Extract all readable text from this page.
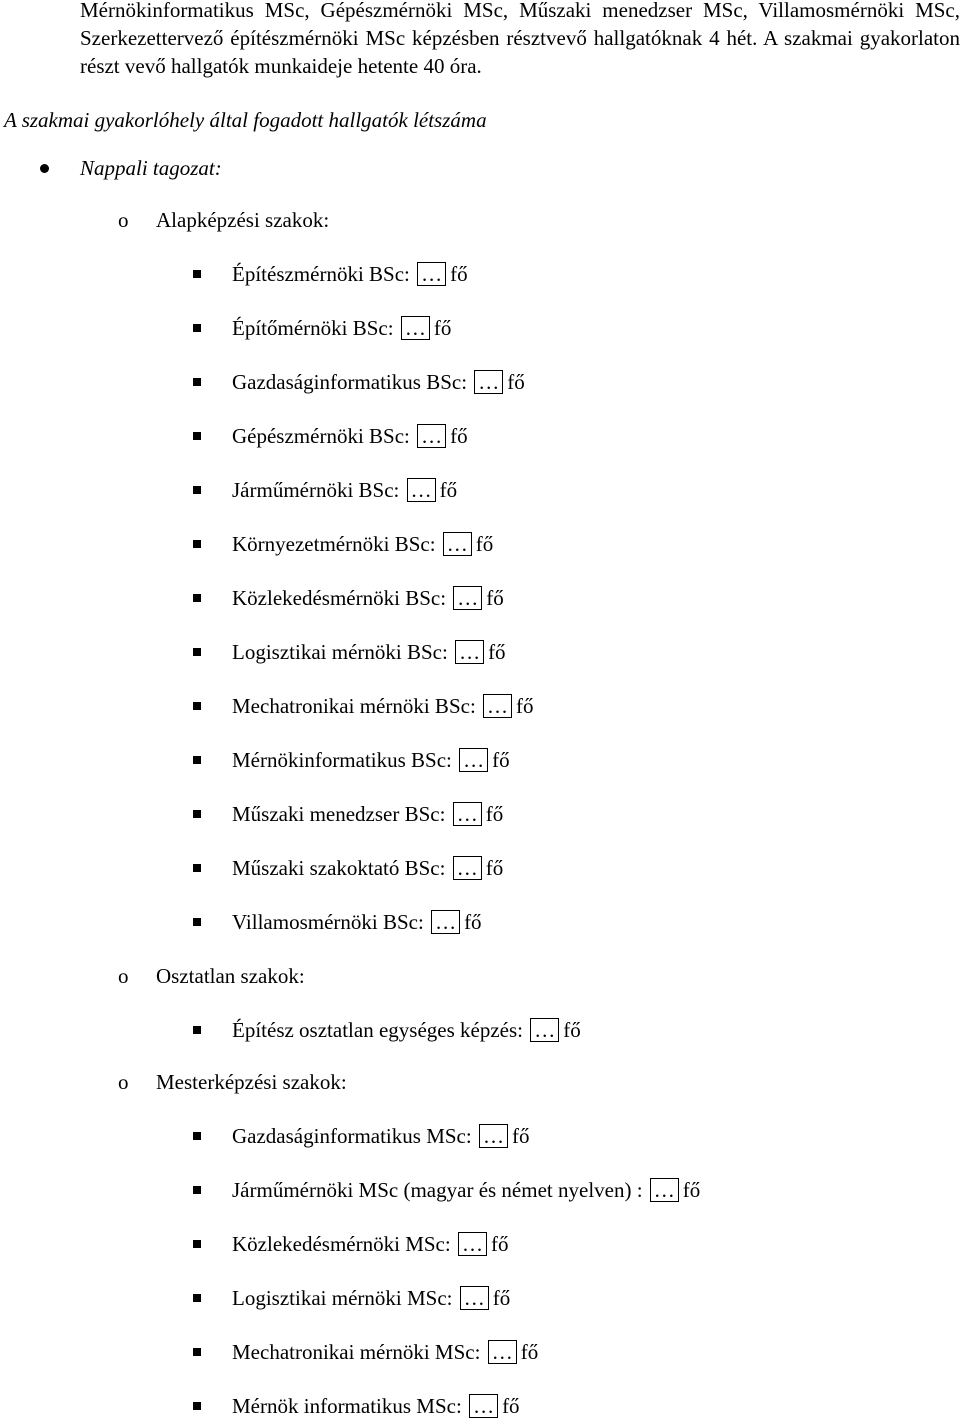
Mérnökinformatikus MSc, Gépészmérnöki MSc, Műszaki menedzser MSc, Villamosmérnöki MSc, Szerkezettervező építészmérnöki MSc képzésben résztvevő hallgatóknak 4 hét. A szakmai gyakorlaton részt vevő hallgatók munkaideje hetente 40 óra.

A szakmai gyakorlóhely által fogadott hallgatók létszáma
Nappali tagozat:
o Alapképzési szakok:
Építészmérnöki BSc: … fő
Építőmérnöki BSc: … fő
Gazdaságinformatikus BSc: … fő
Gépészmérnöki BSc: … fő
Járműmérnöki BSc: … fő
Környezetmérnöki BSc: … fő
Közlekedésmérnöki BSc: … fő
Logisztikai mérnöki BSc: … fő
Mechatronikai mérnöki BSc: … fő
Mérnökinformatikus BSc: … fő
Műszaki menedzser BSc: … fő
Műszaki szakoktató BSc: … fő
Villamosmérnöki BSc: … fő
Építész osztatlan egységes képzés: … fő
Gazdaságinformatikus MSc: … fő
Járműmérnöki MSc (magyar és német nyelven) : … fő
Közlekedésmérnöki MSc: … fő
Logisztikai mérnöki MSc: … fő
Mechatronikai mérnöki MSc: … fő
Mérnök informatikus MSc: … fő
o Osztatlan szakok:
o Mesterképzési szakok:
